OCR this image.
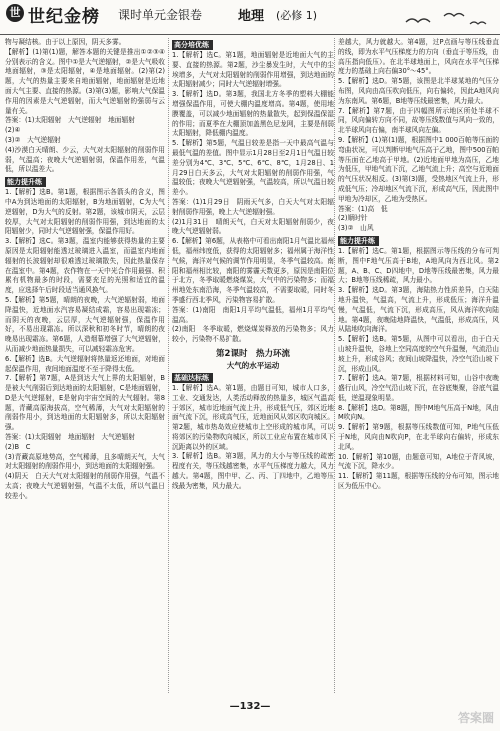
世 世纪金榜 课时单元金银卷	地理 (必修 1)

物与凝结核。由于以上原因，阴天多雾。

【解析】(1)第(1)题，解答本题的关键是推出①②③④分别表示的含义。图中①是大气逆辐射，②是大气吸收地面辐射，③是太阳辐射，④是地面辐射。(2)第(2)题，大气的热量主要来自地面辐射，地面辐射是近地面大气主要、直接的热源。(3)第(3)题，影响大气保温作用的因素是大气逆辐射，而大气逆辐射的强弱与云量有关。

答案：(1)太阳辐射　大气逆辐射　地面辐射

(2)④

(3)②　大气逆辐射

(4)沙漠白天晴朗、少云，大气对太阳辐射的削弱作用弱，气温高；夜晚大气逆辐射弱，保温作用差，气温低，所以温差大。

能力提升练

1.【解析】选B。第1题，根据图示各箭头的含义，图中A为到达地面的太阳辐射，B为地面辐射，C为大气逆辐射，D为大气的反射。第2题，该城市阴天，云层较厚，大气对太阳辐射的削弱作用强，到达地面的太阳辐射少，同时大气逆辐射强，保温作用好。

3.【解析】选C。第3题，温室内能够获得热量的主要原因是太阳辐射能透过玻璃进入温室，而温室内地面辐射的长波辐射却很难透过玻璃散失，因此热量保存在温室中。第4题，农作物在一天中光合作用最强、积累有机物最多的时段，需要充足的光照和适宜的温度，应选择午后时段适当通风换气。

5.【解析】第5题，晴朗的夜晚，大气逆辐射弱，地面降温快，近地面水汽容易凝结成霜，容易出现霜冻；而阴天的夜晚，云层厚，大气逆辐射强，保温作用好，不易出现霜冻。所以深秋和初冬时节，晴朗的夜晚易出现霜冻。第6题，人造烟幕增强了大气逆辐射，从而减少地面热量损失，可以减轻霜冻危害。

6.【解析】选B。大气逆辐射将热量返还地面，对地面起保温作用，夜间地面温度不至于降得太低。

7.【解析】第7题，A是到达大气上界的太阳辐射，B是被大气削弱后到达地面的太阳辐射，C是地面辐射，D是大气逆辐射，E是射向宇宙空间的大气辐射。第8题，青藏高原海拔高，空气稀薄，大气对太阳辐射的削弱作用小，到达地面的太阳辐射多，所以太阳辐射强。

答案：(1)太阳辐射　地面辐射　大气逆辐射

(2)B　C

(3)青藏高原地势高，空气稀薄，且多晴朗天气，大气对太阳辐射的削弱作用小，到达地面的太阳辐射强。

(4)阴天　白天大气对太阳辐射的削弱作用强，气温不太高；夜晚大气逆辐射强，气温不太低，所以气温日较差小。

高分培优练

1.【解析】选C。第1题，地面辐射是近地面大气的主要、直接的热源。第2题，沙尘暴发生时，大气中的尘埃增多，大气对太阳辐射的削弱作用增强，到达地面的太阳辐射减少；同时大气逆辐射增强。

3.【解析】选D。第3题，我国北方冬季的塑料大棚能增强保温作用，可使大棚内温度增高。第4题，使用地膜覆盖，可以减少地面辐射的热量散失，起到保温保湿的作用；而夏季在大棚顶加盖黑色尼龙网，主要是削弱太阳辐射，降低棚内温度。

5.【解析】第5题，气温日较差是指一天中最高气温与最低气温的差值。图中显示1月28日至2月1日气温日较差分别为4℃、3℃、5℃、6℃、8℃，1月28日、1月29日白天多云，大气对太阳辐射的削弱作用强，气温较低；夜晚大气逆辐射强，气温较高，所以气温日较差小。

答案：(1)1月29日　阴雨天气多，白天大气对太阳辐射削弱作用强，晚上大气逆辐射强。

(2)1月31日　晴朗天气，白天对太阳辐射削弱少，夜晚大气逆辐射弱。

6.【解析】第6题，从表格中可看出南阳1月气温比福州低，福州纬度低，获得的太阳辐射多；福州属于海洋性气候，海洋对气候的调节作用明显，冬季气温较高。南阳和福州相比较，南阳的雾霾天数更多，原因是南阳位于北方，冬季取暖燃烧煤炭，大气中的污染物多；而福州地处东南沿海，冬季气温较高，不需要取暖，同时冬季盛行西北季风，污染物容易扩散。

答案：(1)南阳　南阳1月平均气温低，福州1月平均气温高。

(2)南阳　冬季取暖，燃烧煤炭释放的污染物多；风力较小，污染物不易扩散。

第2课时　热力环流
大气的水平运动
基础达标练

1.【解析】选A。第1题，由题目可知，城市人口多，工业、交通发达，人类活动释放的热量多，城区气温高于郊区，城市近地面气流上升，形成低气压，郊区近地面气流下沉，形成高气压，近地面风从郊区吹向城区。第2题，城市热岛效应使城市上空形成的城市风，可以将郊区的污染物吹向城区，所以工业应布置在城市风下沉距离以外的区域。

3.【解析】选B。第3题，风力的大小与等压线的疏密程度有关，等压线越密集，水平气压梯度力越大，风力越大。第4题，图中甲、乙、丙、丁四地中，乙地等压线最为密集，风力最大。

差越大，风力就越大。第4题，过P点画与等压线垂直的线，即为水平气压梯度力的方向（垂直于等压线，由高压指向低压）。在北半球地面上，风向在水平气压梯度力的基础上向右偏30°～45°。

5.【解析】选D。第5题，该图是北半球某地的气压分布图，风向由高压吹向低压，向右偏转，因此A地风向为东南风。第6题，B地等压线最密集，风力最大。

7.【解析】第7题，由于四幅图所示地区所处半球不同，风向偏转方向不同，故等压线数值与风向一致的，北半球风向右偏，南半球风向左偏。

9.【解析】(1)第(1)题，根据图中1 000百帕等压面的弯曲状况，可以判断甲地气压高于乙地，图中500百帕等压面在乙地高于甲地。(2)近地面甲地为高压，乙地为低压，甲地气流下沉，乙地气流上升；高空与近地面的气压状况相反。(3)第(3)题，受热地区气流上升，形成低气压；冷却地区气流下沉，形成高气压，因此图中甲地为冷却区，乙地为受热区。

答案：(1)高　低

(2)顺时针

(3)②　山风

能力提升练

1.【解析】选C。第1题，根据图示等压线的分布可判断，图中F地气压高于B地，A地风向为西北风。第2题，A、B、C、D四地中，D地等压线最密集，风力最大；B地等压线稀疏，风力最小。

3.【解析】选D。第3题，海陆热力性质差异，白天陆地升温快，气温高，气流上升，形成低压；海洋升温慢，气温低，气流下沉，形成高压，风从海洋吹向陆地。第4题，夜晚陆地降温快，气温低，形成高压，风从陆地吹向海洋。

5.【解析】选B。第5题，从图中可以看出，由于白天山坡升温快，谷地上空同高度的空气升温慢，气流沿山坡上升，形成谷风；夜间山坡降温快，冷空气沿山坡下沉，形成山风。

7.【解析】选A。第7题，根据材料可知，山谷中夜晚盛行山风，冷空气沿山坡下沉，在谷底集聚，谷底气温低，逆温现象明显。

8.【解析】选D。第8题，图中M地气压高于N地，风由M吹向N。

9.【解析】第9题，根据等压线数值可知，P地气压低于N地，风向由N吹向P，在北半球向右偏转，形成东北风。

10.【解析】第10题，由题意可知，A地位于背风坡，气流下沉，降水少。

11.【解析】第11题，根据等压线的分布可知，图示地区为低压中心。

—132—
答案圈
